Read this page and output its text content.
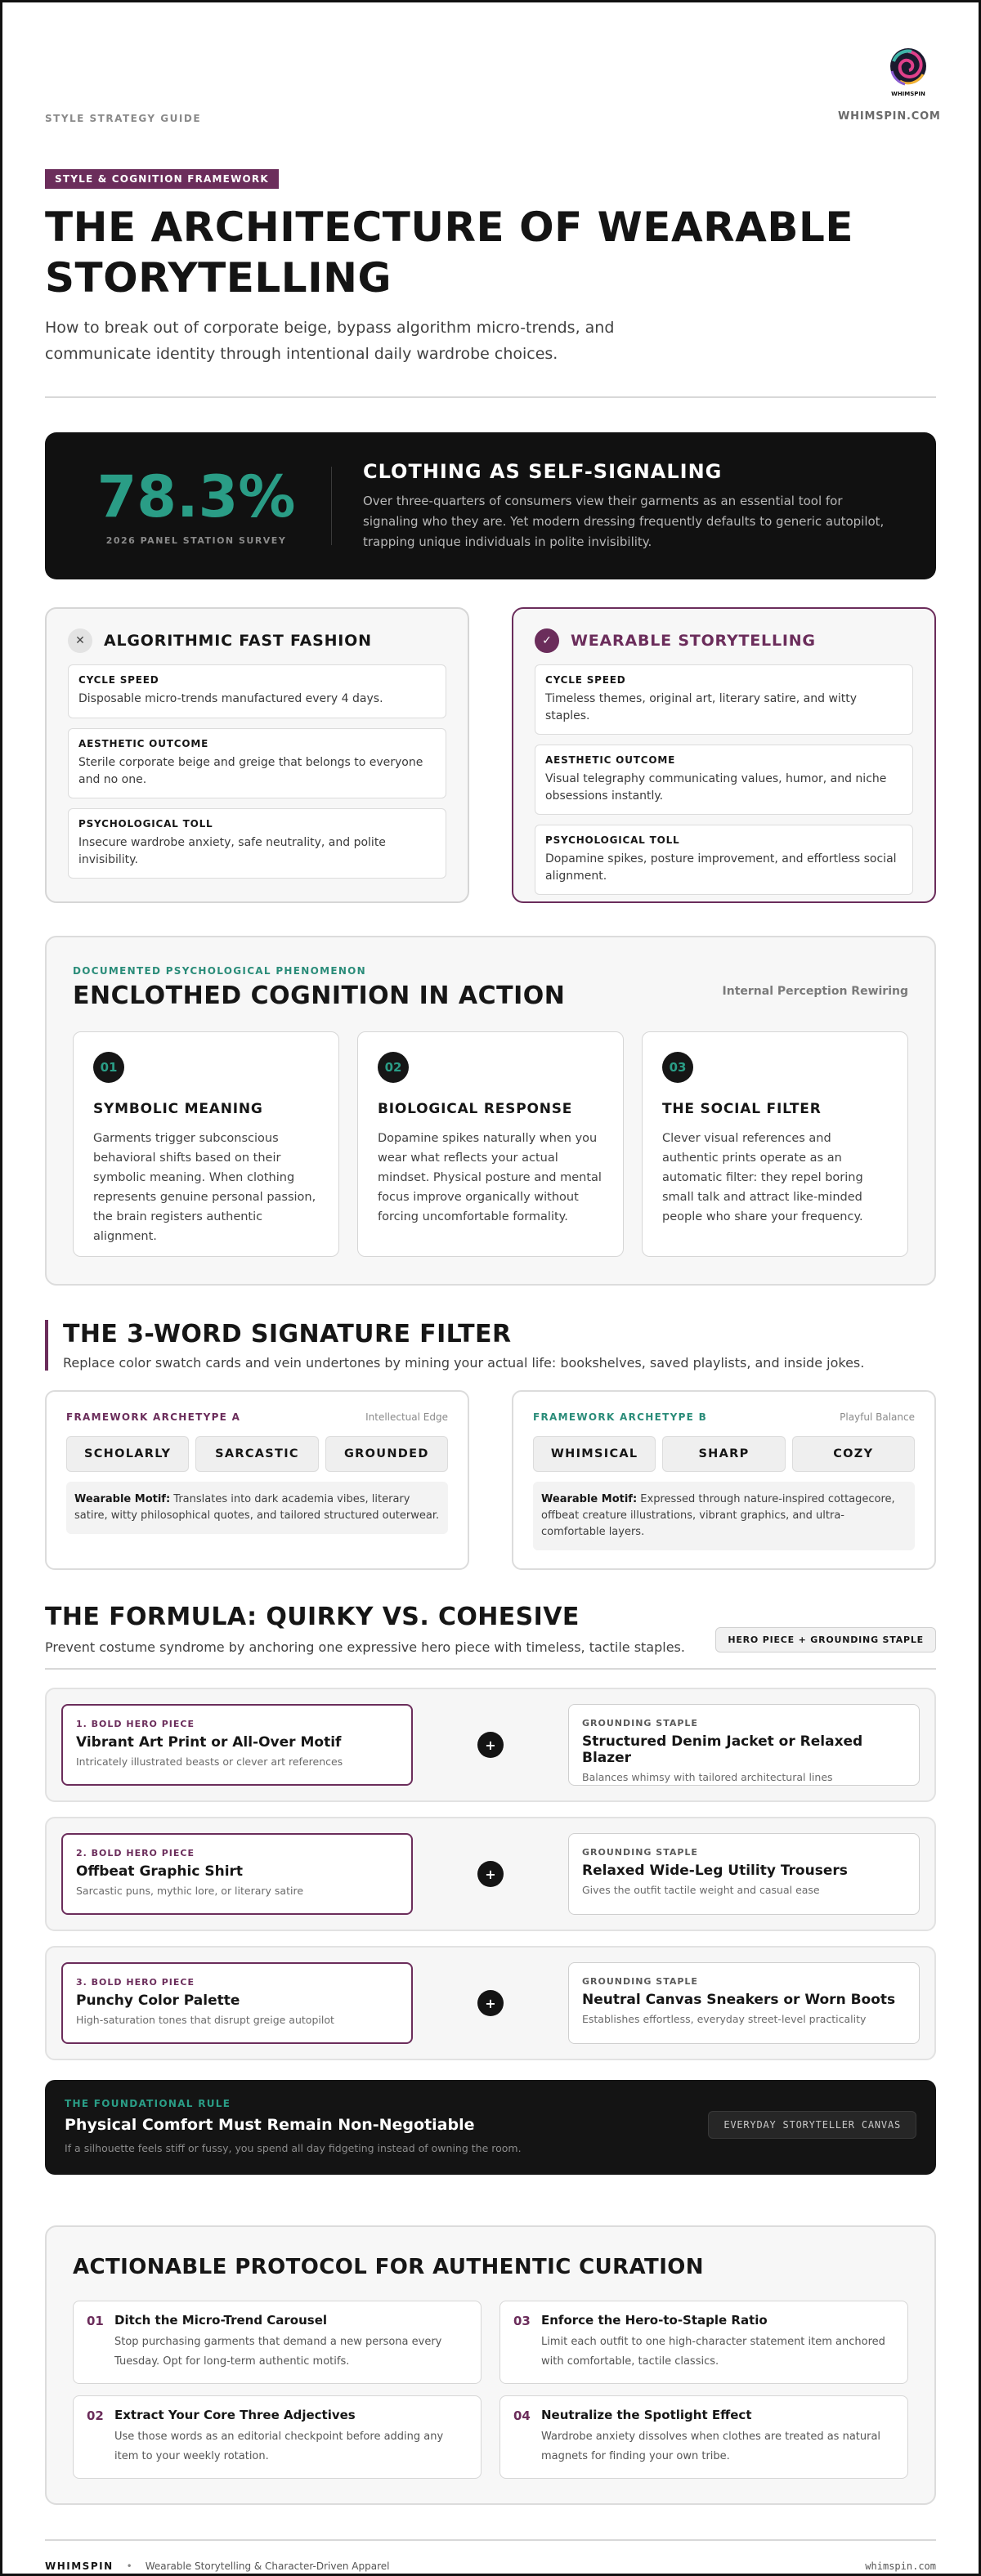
STYLE STRATEGY GUIDE
WHIMSPIN
WHIMSPIN.COM
STYLE & COGNITION FRAMEWORK
THE ARCHITECTURE OF WEARABLE STORYTELLING

How to break out of corporate beige, bypass algorithm micro-trends, and communicate identity through intentional daily wardrobe choices.

78.3%
2026 PANEL STATION SURVEY
CLOTHING AS SELF-SIGNALING
Over three-quarters of consumers view their garments as an essential tool for signaling who they are. Yet modern dressing frequently defaults to generic autopilot, trapping unique individuals in polite invisibility.
✕	ALGORITHMIC FAST FASHION
CYCLE SPEED
Disposable micro-trends manufactured every 4 days.
AESTHETIC OUTCOME
Sterile corporate beige and greige that belongs to everyone and no one.
PSYCHOLOGICAL TOLL
Insecure wardrobe anxiety, safe neutrality, and polite invisibility.
✓	WEARABLE STORYTELLING
CYCLE SPEED
Timeless themes, original art, literary satire, and witty staples.
AESTHETIC OUTCOME
Visual telegraphy communicating values, humor, and niche obsessions instantly.
PSYCHOLOGICAL TOLL
Dopamine spikes, posture improvement, and effortless social alignment.
DOCUMENTED PSYCHOLOGICAL PHENOMENON
ENCLOTHED COGNITION IN ACTION	Internal Perception Rewiring
01
SYMBOLIC MEANING
Garments trigger subconscious behavioral shifts based on their symbolic meaning. When clothing represents genuine personal passion, the brain registers authentic alignment.
02
BIOLOGICAL RESPONSE
Dopamine spikes naturally when you wear what reflects your actual mindset. Physical posture and mental focus improve organically without forcing uncomfortable formality.
03
THE SOCIAL FILTER
Clever visual references and authentic prints operate as an automatic filter: they repel boring small talk and attract like-minded people who share your frequency.
THE 3-WORD SIGNATURE FILTER
Replace color swatch cards and vein undertones by mining your actual life: bookshelves, saved playlists, and inside jokes.
FRAMEWORK ARCHETYPE A	Intellectual Edge
SCHOLARLY	SARCASTIC	GROUNDED
Wearable Motif: Translates into dark academia vibes, literary satire, witty philosophical quotes, and tailored structured outerwear.
FRAMEWORK ARCHETYPE B	Playful Balance
WHIMSICAL	SHARP	COZY
Wearable Motif: Expressed through nature-inspired cottagecore, offbeat creature illustrations, vibrant graphics, and ultra-comfortable layers.
THE FORMULA: QUIRKY VS. COHESIVE
Prevent costume syndrome by anchoring one expressive hero piece with timeless, tactile staples.	HERO PIECE + GROUNDING STAPLE
1. BOLD HERO PIECE
Vibrant Art Print or All-Over Motif
Intricately illustrated beasts or clever art references
+
GROUNDING STAPLE
Structured Denim Jacket or Relaxed Blazer
Balances whimsy with tailored architectural lines
2. BOLD HERO PIECE
Offbeat Graphic Shirt
Sarcastic puns, mythic lore, or literary satire
+
GROUNDING STAPLE
Relaxed Wide-Leg Utility Trousers
Gives the outfit tactile weight and casual ease
3. BOLD HERO PIECE
Punchy Color Palette
High-saturation tones that disrupt greige autopilot
+
GROUNDING STAPLE
Neutral Canvas Sneakers or Worn Boots
Establishes effortless, everyday street-level practicality
THE FOUNDATIONAL RULE
Physical Comfort Must Remain Non-Negotiable
If a silhouette feels stiff or fussy, you spend all day fidgeting instead of owning the room.
EVERYDAY STORYTELLER CANVAS
ACTIONABLE PROTOCOL FOR AUTHENTIC CURATION
01 Ditch the Micro-Trend Carousel
Stop purchasing garments that demand a new persona every Tuesday. Opt for long-term authentic motifs.
03 Enforce the Hero-to-Staple Ratio
Limit each outfit to one high-character statement item anchored with comfortable, tactile classics.
02 Extract Your Core Three Adjectives
Use those words as an editorial checkpoint before adding any item to your weekly rotation.
04 Neutralize the Spotlight Effect
Wardrobe anxiety dissolves when clothes are treated as natural magnets for finding your own tribe.
WHIMSPIN • Wearable Storytelling & Character-Driven Apparel	whimspin.com
